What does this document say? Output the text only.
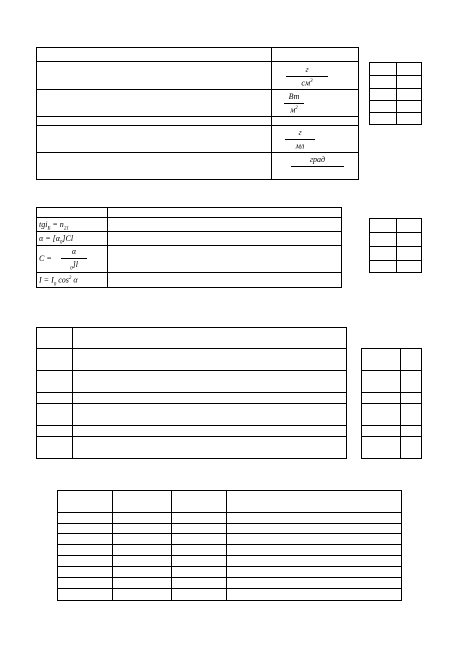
г
$см^3$
Вт
$м^2$
г
мл
град
$tgi_Б = n_{21}$
$\alpha = [\alpha_0]Cl$
C =
α
$_0$]l
$I = I_0$ $\cos^2 \alpha$
